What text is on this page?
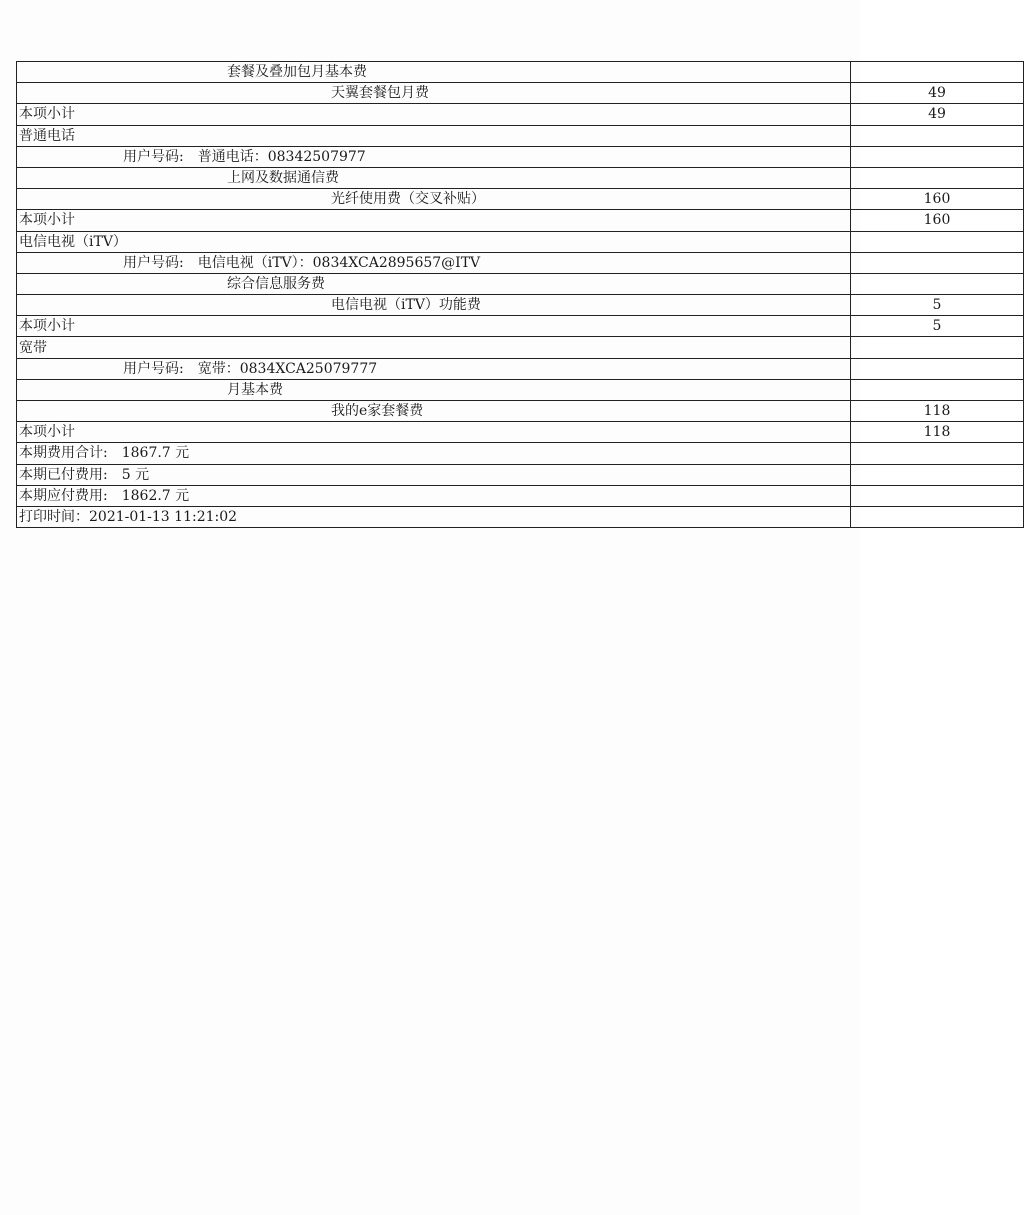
套餐及叠加包月基本费	
天翼套餐包月费	49
本项小计	49
普通电话	
用户号码:　普通电话：08342507977	
上网及数据通信费	
光纤使用费（交叉补贴）	160
本项小计	160
电信电视（iTV）	
用户号码:　电信电视（iTV）：0834XCA2895657@ITV	
综合信息服务费	
电信电视（iTV）功能费	5
本项小计	5
宽带	
用户号码:　宽带：0834XCA25079777	
月基本费	
我的e家套餐费	118
本项小计	118
本期费用合计:　1867.7 元	
本期已付费用:　5 元	
本期应付费用:　1862.7 元	
打印时间：2021-01-13 11:21:02	
